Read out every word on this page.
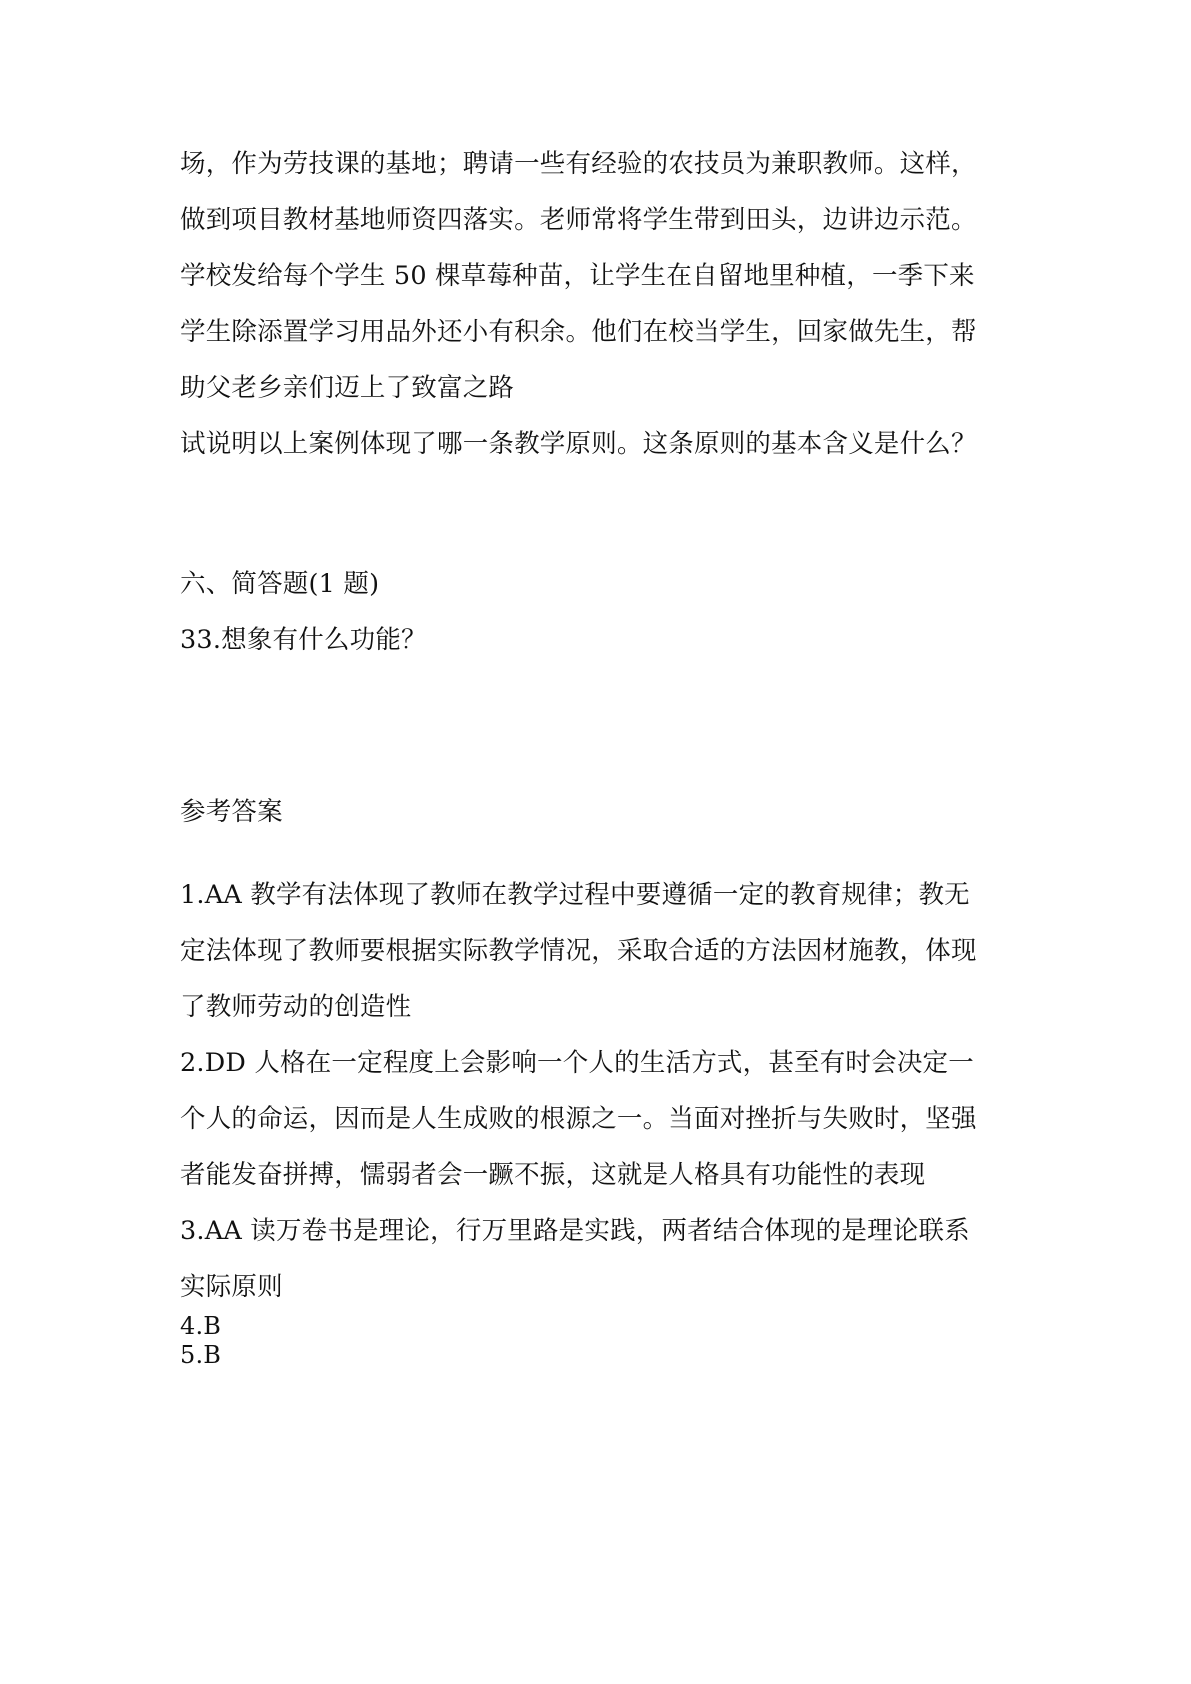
场，作为劳技课的基地；聘请一些有经验的农技员为兼职教师。这样，
做到项目教材基地师资四落实。老师常将学生带到田头，边讲边示范。
学校发给每个学生 50 棵草莓种苗，让学生在自留地里种植，一季下来
学生除添置学习用品外还小有积余。他们在校当学生，回家做先生，帮
助父老乡亲们迈上了致富之路
试说明以上案例体现了哪一条教学原则。这条原则的基本含义是什么？
六、简答题(1 题)
33.想象有什么功能？
参考答案
1.AA 教学有法体现了教师在教学过程中要遵循一定的教育规律；教无
定法体现了教师要根据实际教学情况，采取合适的方法因材施教，体现
了教师劳动的创造性
2.DD 人格在一定程度上会影响一个人的生活方式，甚至有时会决定一
个人的命运，因而是人生成败的根源之一。当面对挫折与失败时，坚强
者能发奋拼搏，懦弱者会一蹶不振，这就是人格具有功能性的表现
3.AA 读万卷书是理论，行万里路是实践，两者结合体现的是理论联系
实际原则
4.B
5.B
